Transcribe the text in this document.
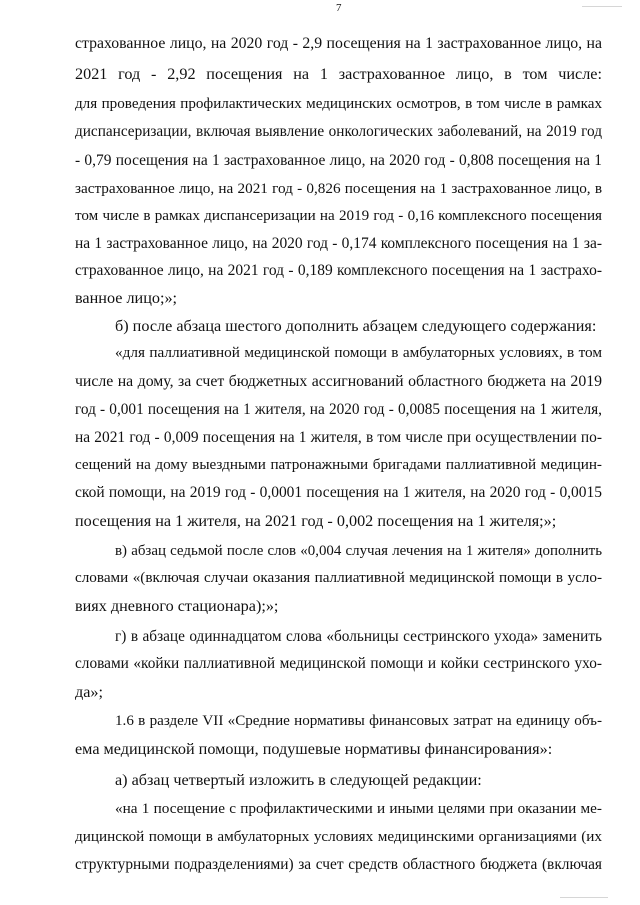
7
страхованное лицо, на 2020 год - 2,9 посещения на 1 застрахованное лицо, на
2021 год - 2,92 посещения на 1 застрахованное лицо, в том числе:
для проведения профилактических медицинских осмотров, в том числе в рамках
диспансеризации, включая выявление онкологических заболеваний, на 2019 год
- 0,79 посещения на 1 застрахованное лицо, на 2020 год - 0,808 посещения на 1
застрахованное лицо, на 2021 год - 0,826 посещения на 1 застрахованное лицо, в
том числе в рамках диспансеризации на 2019 год - 0,16 комплексного посещения
на 1 застрахованное лицо, на 2020 год - 0,174 комплексного посещения на 1 за-
страхованное лицо, на 2021 год - 0,189 комплексного посещения на 1 застрахо-
ванное лицо;»;
б) после абзаца шестого дополнить абзацем следующего содержания:
«для паллиативной медицинской помощи в амбулаторных условиях, в том
числе на дому, за счет бюджетных ассигнований областного бюджета на 2019
год - 0,001 посещения на 1 жителя, на 2020 год - 0,0085 посещения на 1 жителя,
на 2021 год - 0,009 посещения на 1 жителя, в том числе при осуществлении по-
сещений на дому выездными патронажными бригадами паллиативной медицин-
ской помощи, на 2019 год - 0,0001 посещения на 1 жителя, на 2020 год - 0,0015
посещения на 1 жителя, на 2021 год - 0,002 посещения на 1 жителя;»;
в) абзац седьмой после слов «0,004 случая лечения на 1 жителя» дополнить
словами «(включая случаи оказания паллиативной медицинской помощи в усло-
виях дневного стационара);»;
г) в абзаце одиннадцатом слова «больницы сестринского ухода» заменить
словами «койки паллиативной медицинской помощи и койки сестринского ухо-
да»;
1.6 в разделе VII «Средние нормативы финансовых затрат на единицу объ-
ема медицинской помощи, подушевые нормативы финансирования»:
а) абзац четвертый изложить в следующей редакции:
«на 1 посещение с профилактическими и иными целями при оказании ме-
дицинской помощи в амбулаторных условиях медицинскими организациями (их
структурными подразделениями) за счет средств областного бюджета (включая
